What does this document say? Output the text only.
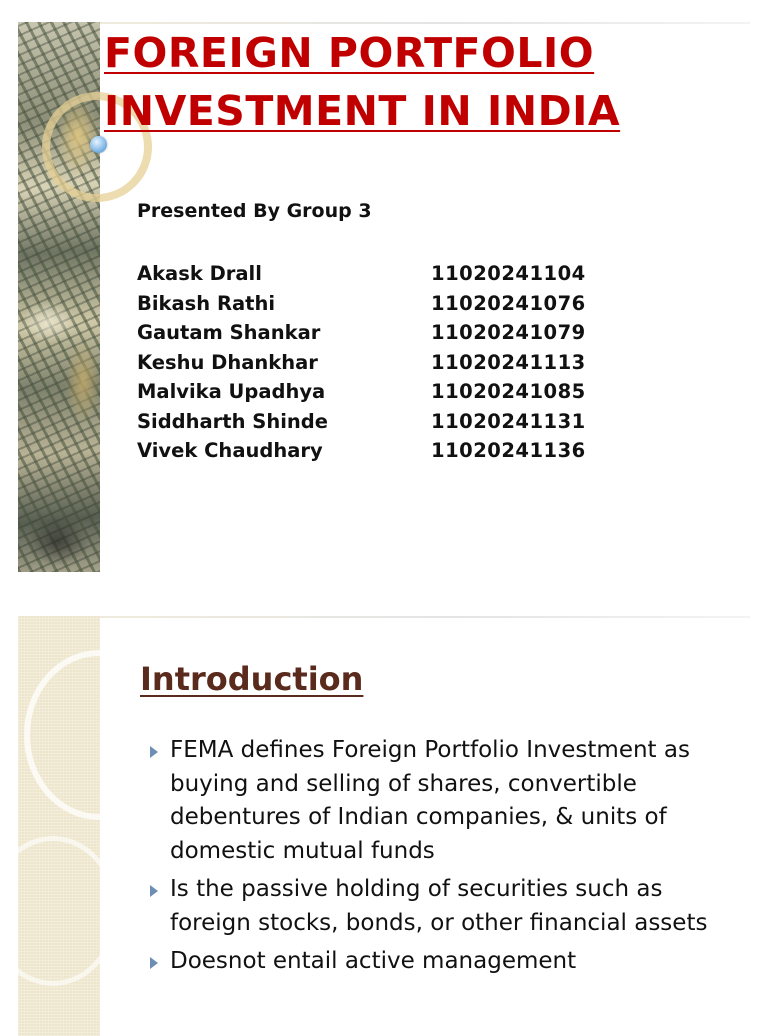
FOREIGN PORTFOLIO
INVESTMENT IN INDIA
Presented By Group 3
Akask Drall	11020241104
Bikash Rathi	11020241076
Gautam Shankar	11020241079
Keshu Dhankhar	11020241113
Malvika Upadhya	11020241085
Siddharth Shinde	11020241131
Vivek Chaudhary	11020241136
Introduction
FEMA defines Foreign Portfolio Investment as buying and selling of shares, convertible debentures of Indian companies, & units of domestic mutual funds
Is the passive holding of securities such as foreign stocks, bonds, or other financial assets
Doesnot entail active management
